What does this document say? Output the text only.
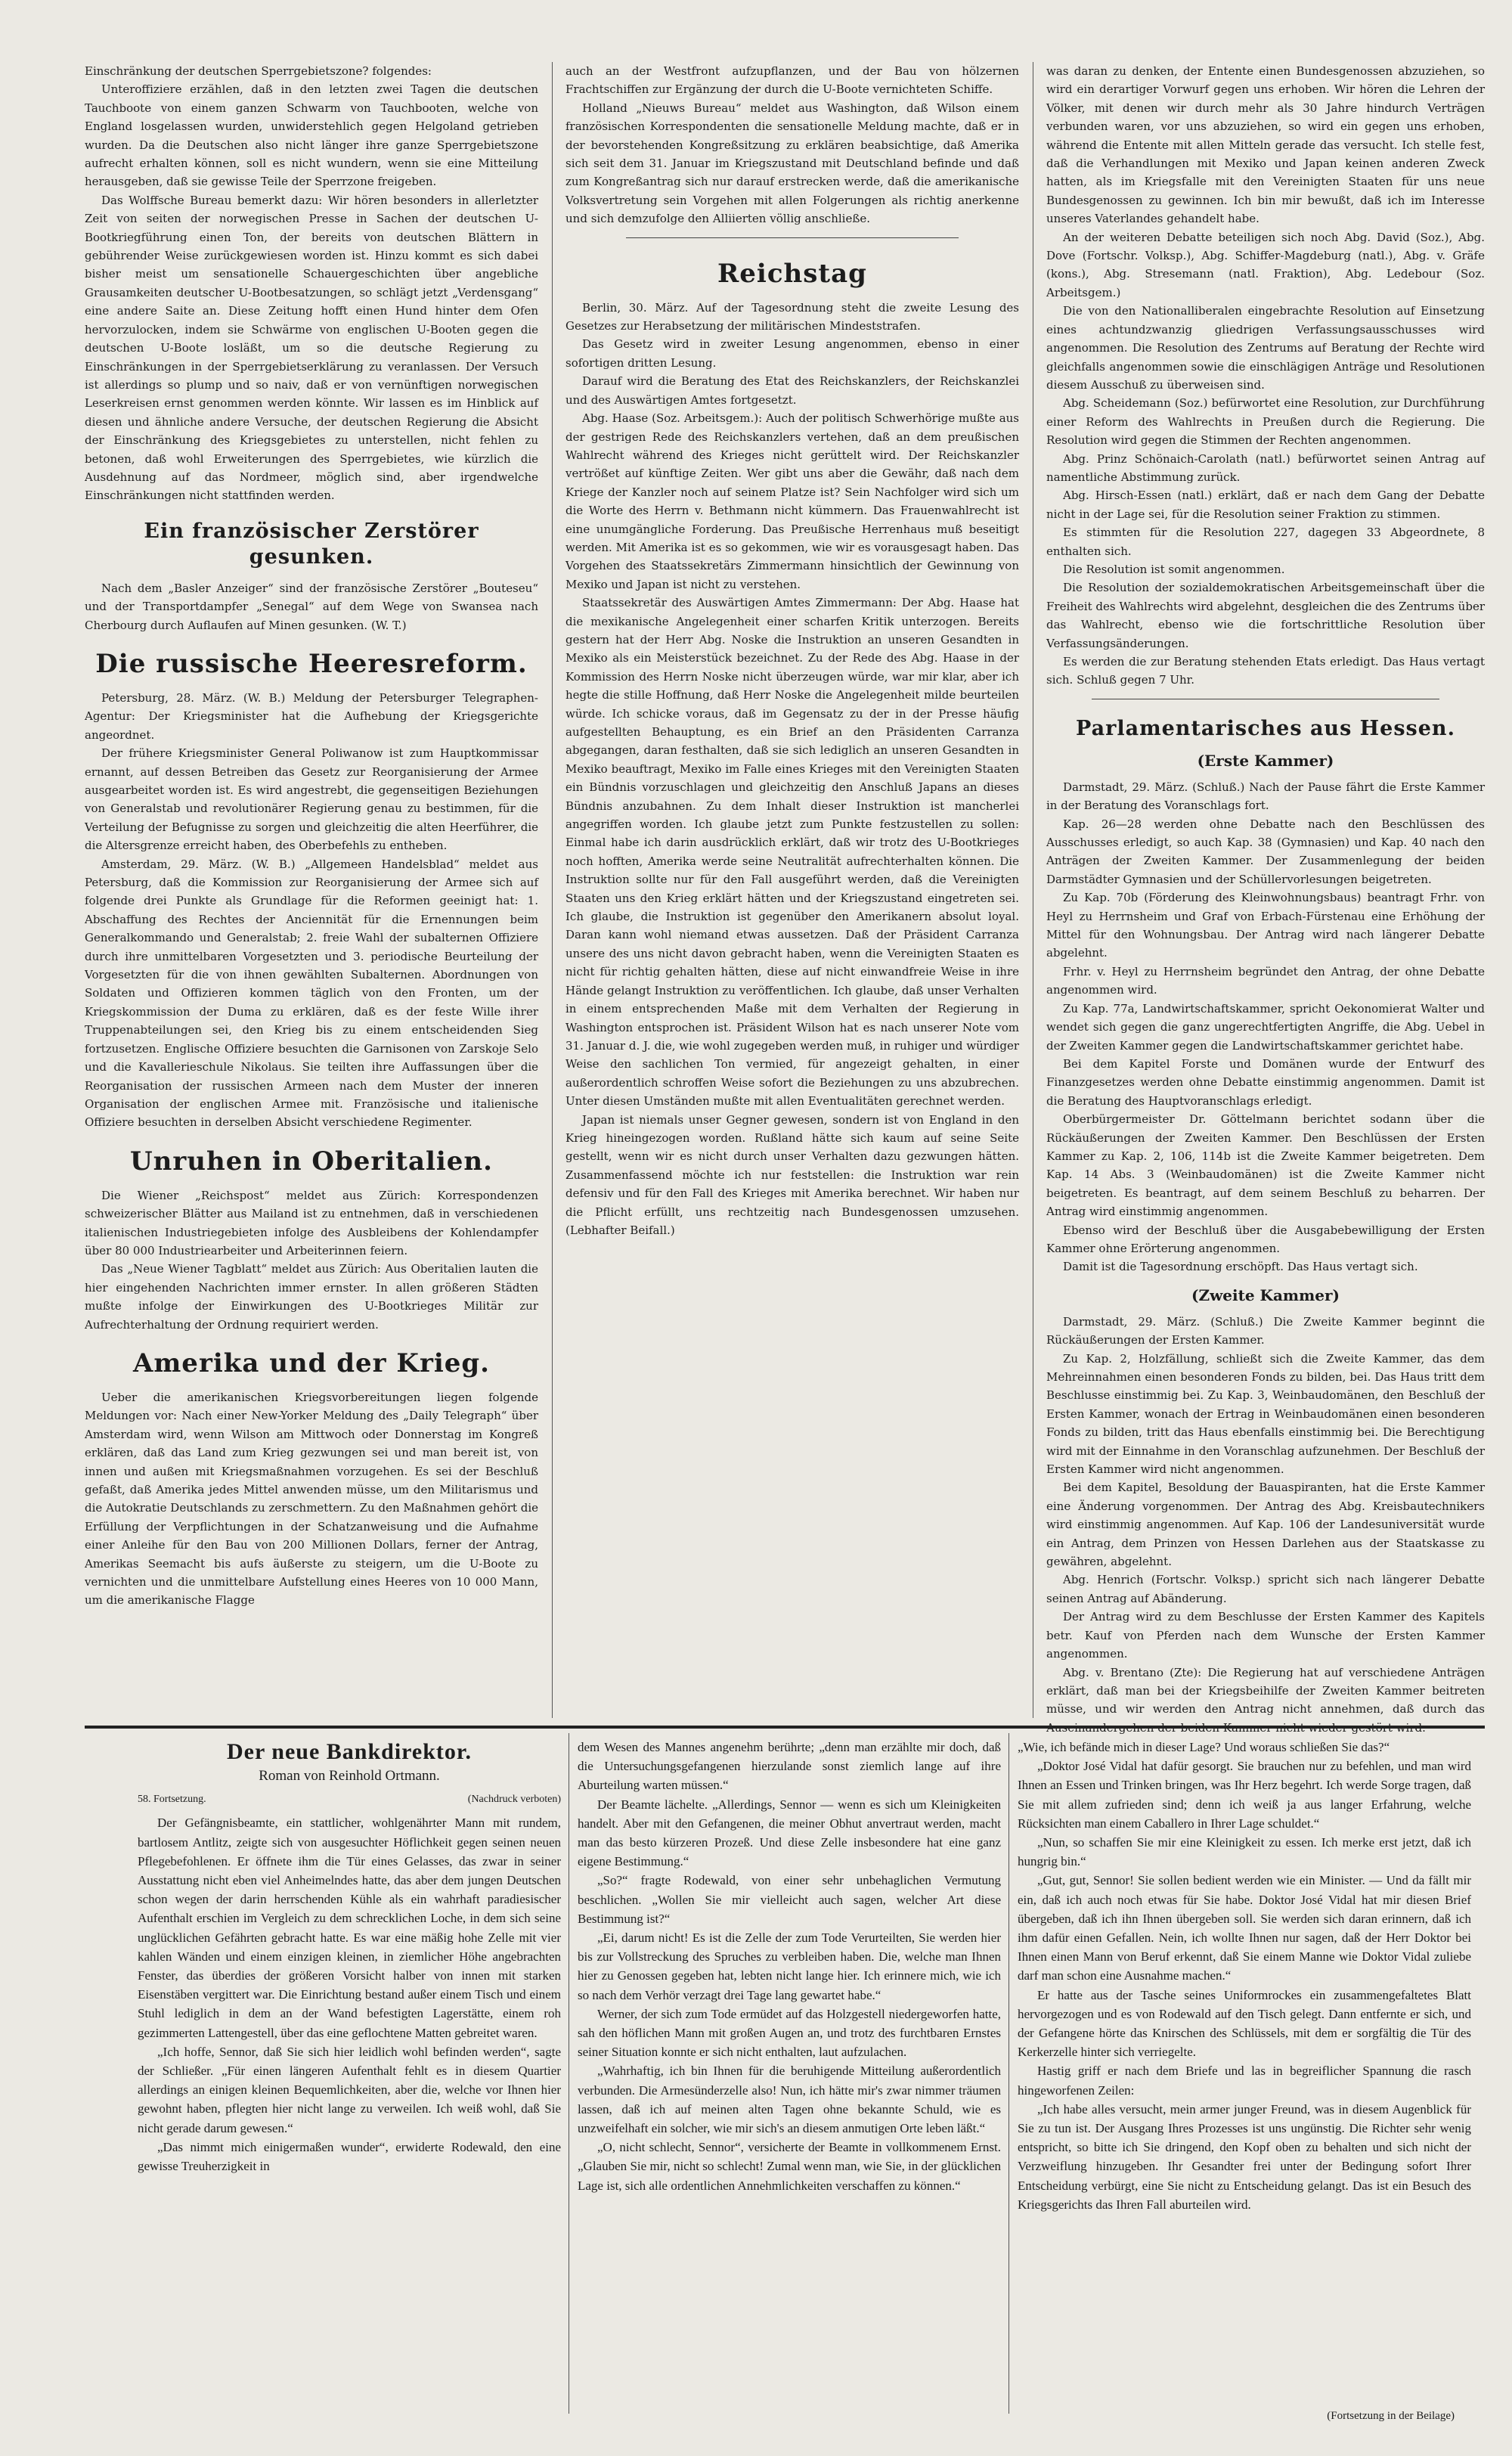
Einschränkung der deutschen Sperrgebietszone? folgendes:

Unteroffiziere erzählen, daß in den letzten zwei Tagen die deutschen Tauchboote von einem ganzen Schwarm von Tauchbooten, welche von England losgelassen wurden, unwiderstehlich gegen Helgoland getrieben wurden. Da die Deutschen also nicht länger ihre ganze Sperrgebietszone aufrecht erhalten können, soll es nicht wundern, wenn sie eine Mitteilung herausgeben, daß sie gewisse Teile der Sperrzone freigeben.

Das Wolffsche Bureau bemerkt dazu: Wir hören besonders in allerletzter Zeit von seiten der norwegischen Presse in Sachen der deutschen U-Bootkriegführung einen Ton, der bereits von deutschen Blättern in gebührender Weise zurückgewiesen worden ist. Hinzu kommt es sich dabei bisher meist um sensationelle Schauergeschichten über angebliche Grausamkeiten deutscher U-Bootbesatzungen, so schlägt jetzt „Verdensgang“ eine andere Saite an. Diese Zeitung hofft einen Hund hinter dem Ofen hervorzulocken, indem sie Schwärme von englischen U-Booten gegen die deutschen U-Boote losläßt, um so die deutsche Regierung zu Einschränkungen in der Sperrgebietserklärung zu veranlassen. Der Versuch ist allerdings so plump und so naiv, daß er von vernünftigen norwegischen Leserkreisen ernst genommen werden könnte. Wir lassen es im Hinblick auf diesen und ähnliche andere Versuche, der deutschen Regierung die Absicht der Einschränkung des Kriegsgebietes zu unterstellen, nicht fehlen zu betonen, daß wohl Erweiterungen des Sperrgebietes, wie kürzlich die Ausdehnung auf das Nordmeer, möglich sind, aber irgendwelche Einschränkungen nicht stattfinden werden.

Ein französischer Zerstörer gesunken.

Nach dem „Basler Anzeiger“ sind der französische Zerstörer „Bouteseu“ und der Transportdampfer „Senegal“ auf dem Wege von Swansea nach Cherbourg durch Auflaufen auf Minen gesunken. (W. T.)

Die russische Heeresreform.

Petersburg, 28. März. (W. B.) Meldung der Petersburger Telegraphen-Agentur: Der Kriegsminister hat die Aufhebung der Kriegsgerichte angeordnet.

Der frühere Kriegsminister General Poliwanow ist zum Hauptkommissar ernannt, auf dessen Betreiben das Gesetz zur Reorganisierung der Armee ausgearbeitet worden ist. Es wird angestrebt, die gegenseitigen Beziehungen von Generalstab und revolutionärer Regierung genau zu bestimmen, für die Verteilung der Befugnisse zu sorgen und gleichzeitig die alten Heerführer, die die Altersgrenze erreicht haben, des Oberbefehls zu entheben.

Amsterdam, 29. März. (W. B.) „Allgemeen Handelsblad“ meldet aus Petersburg, daß die Kommission zur Reorganisierung der Armee sich auf folgende drei Punkte als Grundlage für die Reformen geeinigt hat: 1. Abschaffung des Rechtes der Anciennität für die Ernennungen beim Generalkommando und Generalstab; 2. freie Wahl der subalternen Offiziere durch ihre unmittelbaren Vorgesetzten und 3. periodische Beurteilung der Vorgesetzten für die von ihnen gewählten Subalternen. Abordnungen von Soldaten und Offizieren kommen täglich von den Fronten, um der Kriegskommission der Duma zu erklären, daß es der feste Wille ihrer Truppenabteilungen sei, den Krieg bis zu einem entscheidenden Sieg fortzusetzen. Englische Offiziere besuchten die Garnisonen von Zarskoje Selo und die Kavallerieschule Nikolaus. Sie teilten ihre Auffassungen über die Reorganisation der russischen Armeen nach dem Muster der inneren Organisation der englischen Armee mit. Französische und italienische Offiziere besuchten in derselben Absicht verschiedene Regimenter.

Unruhen in Oberitalien.

Die Wiener „Reichspost“ meldet aus Zürich: Korrespondenzen schweizerischer Blätter aus Mailand ist zu entnehmen, daß in verschiedenen italienischen Industriegebieten infolge des Ausbleibens der Kohlendampfer über 80 000 Industriearbeiter und Arbeiterinnen feiern.

Das „Neue Wiener Tagblatt“ meldet aus Zürich: Aus Oberitalien lauten die hier eingehenden Nachrichten immer ernster. In allen größeren Städten mußte infolge der Einwirkungen des U-Bootkrieges Militär zur Aufrechterhaltung der Ordnung requiriert werden.

Amerika und der Krieg.

Ueber die amerikanischen Kriegsvorbereitungen liegen folgende Meldungen vor: Nach einer New-Yorker Meldung des „Daily Telegraph“ über Amsterdam wird, wenn Wilson am Mittwoch oder Donnerstag im Kongreß erklären, daß das Land zum Krieg gezwungen sei und man bereit ist, von innen und außen mit Kriegsmaßnahmen vorzugehen. Es sei der Beschluß gefaßt, daß Amerika jedes Mittel anwenden müsse, um den Militarismus und die Autokratie Deutschlands zu zerschmettern. Zu den Maßnahmen gehört die Erfüllung der Verpflichtungen in der Schatzanweisung und die Aufnahme einer Anleihe für den Bau von 200 Millionen Dollars, ferner der Antrag, Amerikas Seemacht bis aufs äußerste zu steigern, um die U-Boote zu vernichten und die unmittelbare Aufstellung eines Heeres von 10 000 Mann, um die amerikanische Flagge

auch an der Westfront aufzupflanzen, und der Bau von hölzernen Frachtschiffen zur Ergänzung der durch die U-Boote vernichteten Schiffe.

Holland „Nieuws Bureau“ meldet aus Washington, daß Wilson einem französischen Korrespondenten die sensationelle Meldung machte, daß er in der bevorstehenden Kongreßsitzung zu erklären beabsichtige, daß Amerika sich seit dem 31. Januar im Kriegszustand mit Deutschland befinde und daß zum Kongreßantrag sich nur darauf erstrecken werde, daß die amerikanische Volksvertretung sein Vorgehen mit allen Folgerungen als richtig anerkenne und sich demzufolge den Alliierten völlig anschließe.

Reichstag

Berlin, 30. März. Auf der Tagesordnung steht die zweite Lesung des Gesetzes zur Herabsetzung der militärischen Mindeststrafen.

Das Gesetz wird in zweiter Lesung angenommen, ebenso in einer sofortigen dritten Lesung.

Darauf wird die Beratung des Etat des Reichskanzlers, der Reichskanzlei und des Auswärtigen Amtes fortgesetzt.

Abg. Haase (Soz. Arbeitsgem.): Auch der politisch Schwerhörige mußte aus der gestrigen Rede des Reichskanzlers vertehen, daß an dem preußischen Wahlrecht während des Krieges nicht gerüttelt wird. Der Reichskanzler vertrößet auf künftige Zeiten. Wer gibt uns aber die Gewähr, daß nach dem Kriege der Kanzler noch auf seinem Platze ist? Sein Nachfolger wird sich um die Worte des Herrn v. Bethmann nicht kümmern. Das Frauenwahlrecht ist eine unumgängliche Forderung. Das Preußische Herrenhaus muß beseitigt werden. Mit Amerika ist es so gekommen, wie wir es vorausgesagt haben. Das Vorgehen des Staatssekretärs Zimmermann hinsichtlich der Gewinnung von Mexiko und Japan ist nicht zu verstehen.

Staatssekretär des Auswärtigen Amtes Zimmermann: Der Abg. Haase hat die mexikanische Angelegenheit einer scharfen Kritik unterzogen. Bereits gestern hat der Herr Abg. Noske die Instruktion an unseren Gesandten in Mexiko als ein Meisterstück bezeichnet. Zu der Rede des Abg. Haase in der Kommission des Herrn Noske nicht überzeugen würde, war mir klar, aber ich hegte die stille Hoffnung, daß Herr Noske die Angelegenheit milde beurteilen würde. Ich schicke voraus, daß im Gegensatz zu der in der Presse häufig aufgestellten Behauptung, es ein Brief an den Präsidenten Carranza abgegangen, daran festhalten, daß sie sich lediglich an unseren Gesandten in Mexiko beauftragt, Mexiko im Falle eines Krieges mit den Vereinigten Staaten ein Bündnis vorzuschlagen und gleichzeitig den Anschluß Japans an dieses Bündnis anzubahnen. Zu dem Inhalt dieser Instruktion ist mancherlei angegriffen worden. Ich glaube jetzt zum Punkte festzustellen zu sollen: Einmal habe ich darin ausdrücklich erklärt, daß wir trotz des U-Bootkrieges noch hofften, Amerika werde seine Neutralität aufrechterhalten können. Die Instruktion sollte nur für den Fall ausgeführt werden, daß die Vereinigten Staaten uns den Krieg erklärt hätten und der Kriegszustand eingetreten sei. Ich glaube, die Instruktion ist gegenüber den Amerikanern absolut loyal. Daran kann wohl niemand etwas aussetzen. Daß der Präsident Carranza unsere des uns nicht davon gebracht haben, wenn die Vereinigten Staaten es nicht für richtig gehalten hätten, diese auf nicht einwandfreie Weise in ihre Hände gelangt Instruktion zu veröffentlichen. Ich glaube, daß unser Verhalten in einem entsprechenden Maße mit dem Verhalten der Regierung in Washington entsprochen ist. Präsident Wilson hat es nach unserer Note vom 31. Januar d. J. die, wie wohl zugegeben werden muß, in ruhiger und würdiger Weise den sachlichen Ton vermied, für angezeigt gehalten, in einer außerordentlich schroffen Weise sofort die Beziehungen zu uns abzubrechen. Unter diesen Umständen mußte mit allen Eventualitäten gerechnet werden.

Japan ist niemals unser Gegner gewesen, sondern ist von England in den Krieg hineingezogen worden. Rußland hätte sich kaum auf seine Seite gestellt, wenn wir es nicht durch unser Verhalten dazu gezwungen hätten. Zusammenfassend möchte ich nur feststellen: die Instruktion war rein defensiv und für den Fall des Krieges mit Amerika berechnet. Wir haben nur die Pflicht erfüllt, uns rechtzeitig nach Bundesgenossen umzusehen. (Lebhafter Beifall.)

was daran zu denken, der Entente einen Bundesgenossen abzuziehen, so wird ein derartiger Vorwurf gegen uns erhoben. Wir hören die Lehren der Völker, mit denen wir durch mehr als 30 Jahre hindurch Verträgen verbunden waren, vor uns abzuziehen, so wird ein gegen uns erhoben, während die Entente mit allen Mitteln gerade das versucht. Ich stelle fest, daß die Verhandlungen mit Mexiko und Japan keinen anderen Zweck hatten, als im Kriegsfalle mit den Vereinigten Staaten für uns neue Bundesgenossen zu gewinnen. Ich bin mir bewußt, daß ich im Interesse unseres Vaterlandes gehandelt habe.

An der weiteren Debatte beteiligen sich noch Abg. David (Soz.), Abg. Dove (Fortschr. Volksp.), Abg. Schiffer-Magdeburg (natl.), Abg. v. Gräfe (kons.), Abg. Stresemann (natl. Fraktion), Abg. Ledebour (Soz. Arbeitsgem.)

Die von den Nationalliberalen eingebrachte Resolution auf Einsetzung eines achtundzwanzig gliedrigen Verfassungsausschusses wird angenommen. Die Resolution des Zentrums auf Beratung der Rechte wird gleichfalls angenommen sowie die einschlägigen Anträge und Resolutionen diesem Ausschuß zu überweisen sind.

Abg. Scheidemann (Soz.) befürwortet eine Resolution, zur Durchführung einer Reform des Wahlrechts in Preußen durch die Regierung. Die Resolution wird gegen die Stimmen der Rechten angenommen.

Abg. Prinz Schönaich-Carolath (natl.) befürwortet seinen Antrag auf namentliche Abstimmung zurück.

Abg. Hirsch-Essen (natl.) erklärt, daß er nach dem Gang der Debatte nicht in der Lage sei, für die Resolution seiner Fraktion zu stimmen.

Es stimmten für die Resolution 227, dagegen 33 Abgeordnete, 8 enthalten sich.

Die Resolution ist somit angenommen.

Die Resolution der sozialdemokratischen Arbeitsgemeinschaft über die Freiheit des Wahlrechts wird abgelehnt, desgleichen die des Zentrums über das Wahlrecht, ebenso wie die fortschrittliche Resolution über Verfassungsänderungen.

Es werden die zur Beratung stehenden Etats erledigt. Das Haus vertagt sich. Schluß gegen 7 Uhr.

Parlamentarisches aus Hessen.
(Erste Kammer)

Darmstadt, 29. März. (Schluß.) Nach der Pause fährt die Erste Kammer in der Beratung des Voranschlags fort.

Kap. 26—28 werden ohne Debatte nach den Beschlüssen des Ausschusses erledigt, so auch Kap. 38 (Gymnasien) und Kap. 40 nach den Anträgen der Zweiten Kammer. Der Zusammenlegung der beiden Darmstädter Gymnasien und der Schüllervorlesungen beigetreten.

Zu Kap. 70b (Förderung des Kleinwohnungsbaus) beantragt Frhr. von Heyl zu Herrnsheim und Graf von Erbach-Fürstenau eine Erhöhung der Mittel für den Wohnungsbau. Der Antrag wird nach längerer Debatte abgelehnt.

Frhr. v. Heyl zu Herrnsheim begründet den Antrag, der ohne Debatte angenommen wird.

Zu Kap. 77a, Landwirtschaftskammer, spricht Oekonomierat Walter und wendet sich gegen die ganz ungerechtfertigten Angriffe, die Abg. Uebel in der Zweiten Kammer gegen die Landwirtschaftskammer gerichtet habe.

Bei dem Kapitel Forste und Domänen wurde der Entwurf des Finanzgesetzes werden ohne Debatte einstimmig angenommen. Damit ist die Beratung des Hauptvoranschlags erledigt.

Oberbürgermeister Dr. Göttelmann berichtet sodann über die Rückäußerungen der Zweiten Kammer. Den Beschlüssen der Ersten Kammer zu Kap. 2, 106, 114b ist die Zweite Kammer beigetreten. Dem Kap. 14 Abs. 3 (Weinbaudomänen) ist die Zweite Kammer nicht beigetreten. Es beantragt, auf dem seinem Beschluß zu beharren. Der Antrag wird einstimmig angenommen.

Ebenso wird der Beschluß über die Ausgabebewilligung der Ersten Kammer ohne Erörterung angenommen.

Damit ist die Tagesordnung erschöpft. Das Haus vertagt sich.

(Zweite Kammer)

Darmstadt, 29. März. (Schluß.) Die Zweite Kammer beginnt die Rückäußerungen der Ersten Kammer.

Zu Kap. 2, Holzfällung, schließt sich die Zweite Kammer, das dem Mehreinnahmen einen besonderen Fonds zu bilden, bei. Das Haus tritt dem Beschlusse einstimmig bei. Zu Kap. 3, Weinbaudomänen, den Beschluß der Ersten Kammer, wonach der Ertrag in Weinbaudomänen einen besonderen Fonds zu bilden, tritt das Haus ebenfalls einstimmig bei. Die Berechtigung wird mit der Einnahme in den Voranschlag aufzunehmen. Der Beschluß der Ersten Kammer wird nicht angenommen.

Bei dem Kapitel, Besoldung der Bauaspiranten, hat die Erste Kammer eine Änderung vorgenommen. Der Antrag des Abg. Kreisbautechnikers wird einstimmig angenommen. Auf Kap. 106 der Landesuniversität wurde ein Antrag, dem Prinzen von Hessen Darlehen aus der Staatskasse zu gewähren, abgelehnt.

Abg. Henrich (Fortschr. Volksp.) spricht sich nach längerer Debatte seinen Antrag auf Abänderung.

Der Antrag wird zu dem Beschlusse der Ersten Kammer des Kapitels betr. Kauf von Pferden nach dem Wunsche der Ersten Kammer angenommen.

Abg. v. Brentano (Zte): Die Regierung hat auf verschiedene Anträgen erklärt, daß man bei der Kriegsbeihilfe der Zweiten Kammer beitreten müsse, und wir werden den Antrag nicht annehmen, daß durch das

Der neue Bankdirektor.
Roman von Reinhold Ortmann.
58. Fortsetzung.	(Nachdruck verboten)

Der Gefängnisbeamte, ein stattlicher, wohlgenährter Mann mit rundem, bartlosem Antlitz, zeigte sich von ausgesuchter Höflichkeit gegen seinen neuen Pflegebefohlenen. Er öffnete ihm die Tür eines Gelasses, das zwar in seiner Ausstattung nicht eben viel Anheimelndes hatte, das aber dem jungen Deutschen schon wegen der darin herrschenden Kühle als ein wahrhaft paradiesischer Aufenthalt erschien im Vergleich zu dem schrecklichen Loche, in dem sich seine unglücklichen Gefährten gebracht hatte. Es war eine mäßig hohe Zelle mit vier kahlen Wänden und einem einzigen kleinen, in ziemlicher Höhe angebrachten Fenster, das überdies der größeren Vorsicht halber von innen mit starken Eisenstäben vergittert war. Die Einrichtung bestand außer einem Tisch und einem Stuhl lediglich in dem an der Wand befestigten Lagerstätte, einem roh gezimmerten Lattengestell, über das eine geflochtene Matten gebreitet waren.

„Ich hoffe, Sennor, daß Sie sich hier leidlich wohl befinden werden“, sagte der Schließer. „Für einen längeren Aufenthalt fehlt es in diesem Quartier allerdings an einigen kleinen Bequemlichkeiten, aber die, welche vor Ihnen hier gewohnt haben, pflegten hier nicht lange zu verweilen. Ich weiß wohl, daß Sie nicht gerade darum gewesen.“

„Das nimmt mich einigermaßen wunder“, erwiderte Rodewald, den eine gewisse Treuherzigkeit in

dem Wesen des Mannes angenehm berührte; „denn man erzählte mir doch, daß die Untersuchungsgefangenen hierzulande sonst ziemlich lange auf ihre Aburteilung warten müssen.“

Der Beamte lächelte. „Allerdings, Sennor — wenn es sich um Kleinigkeiten handelt. Aber mit den Gefangenen, die meiner Obhut anvertraut werden, macht man das besto kürzeren Prozeß. Und diese Zelle insbesondere hat eine ganz eigene Bestimmung.“

„So?“ fragte Rodewald, von einer sehr unbehaglichen Vermutung beschlichen. „Wollen Sie mir vielleicht auch sagen, welcher Art diese Bestimmung ist?“

„Ei, darum nicht! Es ist die Zelle der zum Tode Verurteilten, Sie werden hier bis zur Vollstreckung des Spruches zu verbleiben haben. Die, welche man Ihnen hier zu Genossen gegeben hat, lebten nicht lange hier. Ich erinnere mich, wie ich so nach dem Verhör verzagt drei Tage lang gewartet habe.“

Werner, der sich zum Tode ermüdet auf das Holzgestell niedergeworfen hatte, sah den höflichen Mann mit großen Augen an, und trotz des furchtbaren Ernstes seiner Situation konnte er sich nicht enthalten, laut aufzulachen.

„Wahrhaftig, ich bin Ihnen für die beruhigende Mitteilung außerordentlich verbunden. Die Armesünderzelle also! Nun, ich hätte mir's zwar nimmer träumen lassen, daß ich auf meinen alten Tagen ohne bekannte Schuld, wie es unzweifelhaft ein solcher, wie mir sich's an diesem anmutigen Orte leben läßt.“

„O, nicht schlecht, Sennor“, versicherte der Beamte in vollkommenem Ernst. „Glauben Sie mir, nicht so schlecht! Zumal wenn man, wie Sie, in der glücklichen Lage ist, sich alle ordentlichen Annehmlichkeiten verschaffen zu können.“

„Wie, ich befände mich in dieser Lage? Und woraus schließen Sie das?“

„Doktor José Vidal hat dafür gesorgt. Sie brauchen nur zu befehlen, und man wird Ihnen an Essen und Trinken bringen, was Ihr Herz begehrt. Ich werde Sorge tragen, daß Sie mit allem zufrieden sind; denn ich weiß ja aus langer Erfahrung, welche Rücksichten man einem Caballero in Ihrer Lage schuldet.“

„Nun, so schaffen Sie mir eine Kleinigkeit zu essen. Ich merke erst jetzt, daß ich hungrig bin.“

„Gut, gut, Sennor! Sie sollen bedient werden wie ein Minister. — Und da fällt mir ein, daß ich auch noch etwas für Sie habe. Doktor José Vidal hat mir diesen Brief übergeben, daß ich ihn Ihnen übergeben soll. Sie werden sich daran erinnern, daß ich ihm dafür einen Gefallen. Nein, ich wollte Ihnen nur sagen, daß der Herr Doktor bei Ihnen einen Mann von Beruf erkennt, daß Sie einem Manne wie Doktor Vidal zuliebe darf man schon eine Ausnahme machen.“

Er hatte aus der Tasche seines Uniformrockes ein zusammengefaltetes Blatt hervorgezogen und es von Rodewald auf den Tisch gelegt. Dann entfernte er sich, und der Gefangene hörte das Knirschen des Schlüssels, mit dem er sorgfältig die Tür des Kerkerzelle hinter sich verriegelte.

Hastig griff er nach dem Briefe und las in begreiflicher Spannung die rasch hingeworfenen Zeilen:

„Ich habe alles versucht, mein armer junger Freund, was in diesem Augenblick für Sie zu tun ist. Der Ausgang Ihres Prozesses ist uns ungünstig. Die Richter sehr wenig entspricht, so bitte ich Sie dringend, den Kopf oben zu behalten und sich nicht der Verzweiflung hinzugeben. Ihr Gesandter frei unter der Bedingung sofort Ihrer Entscheidung verbürgt, eine Sie nicht zu Entscheidung gelangt. Das ist ein Besuch des Kriegsgerichts das Ihren Fall aburteilen wird.

(Fortsetzung in der Beilage)
